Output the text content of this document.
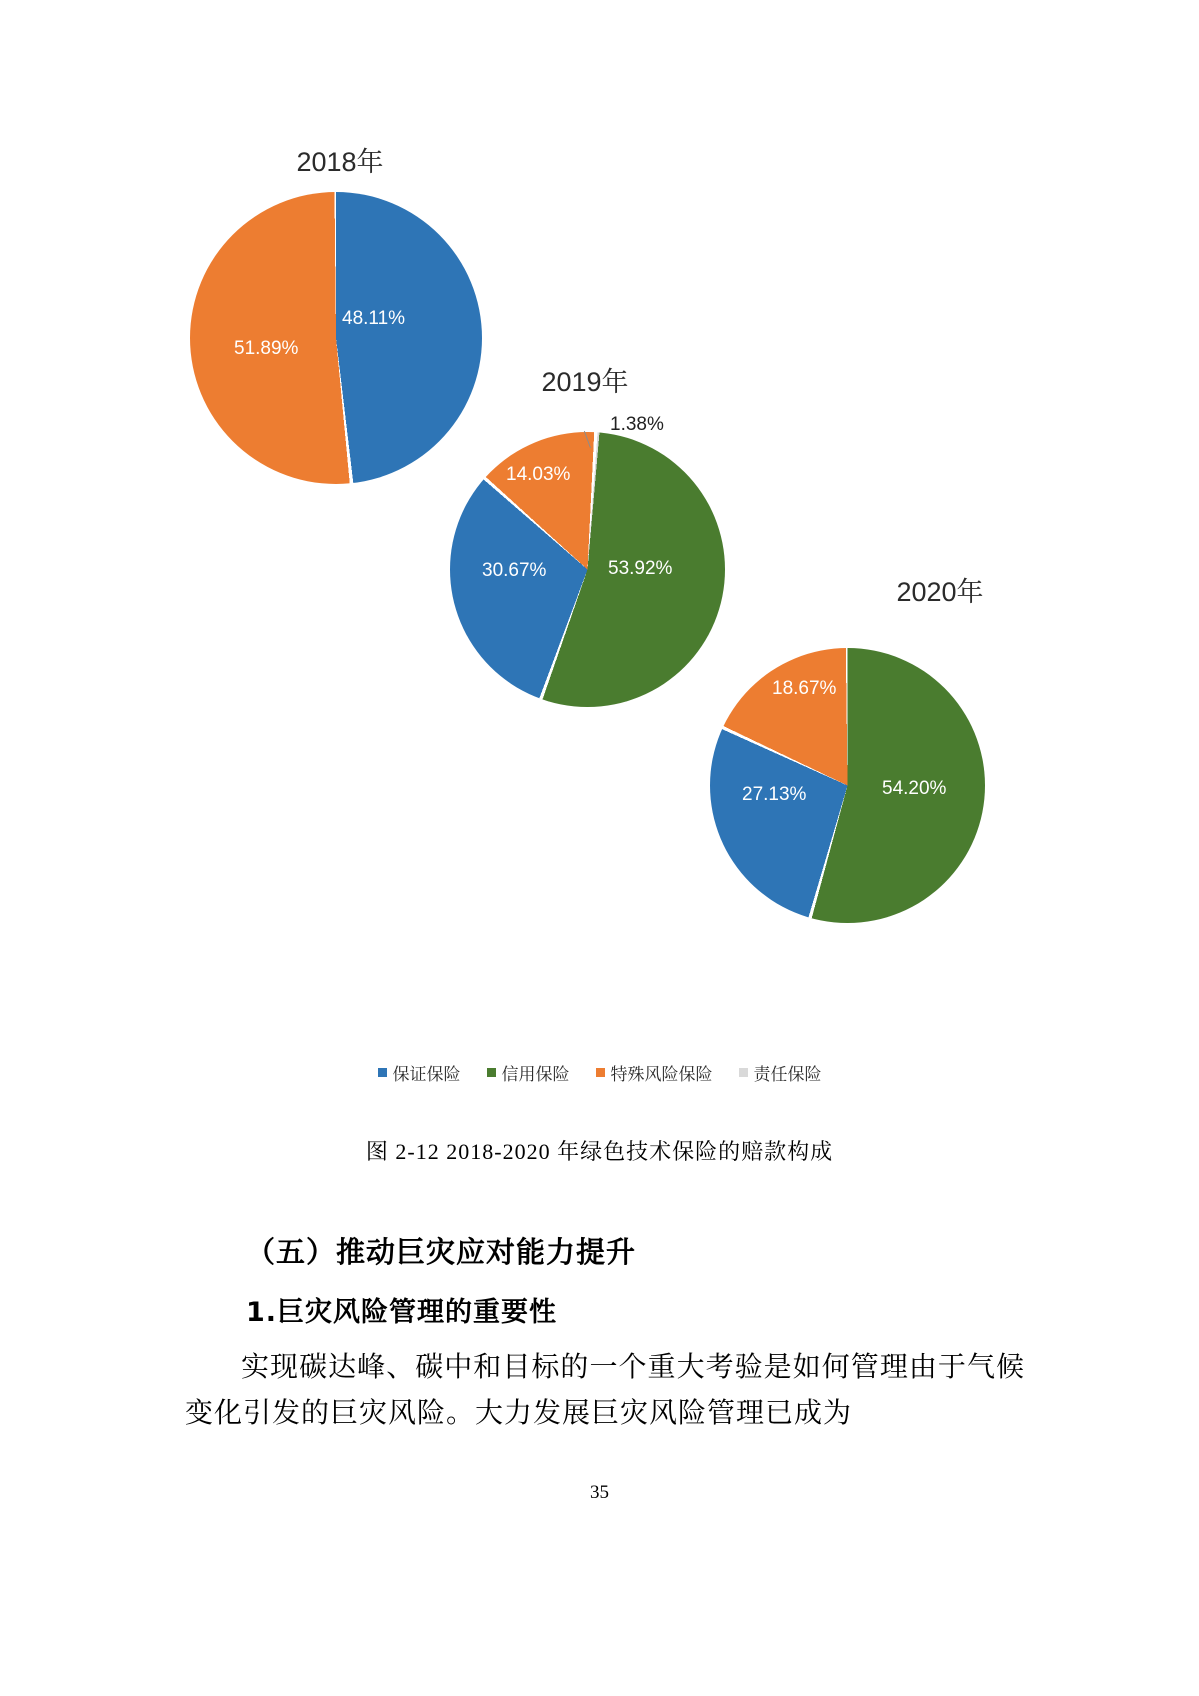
2018年
48.11%
51.89%
2019年
53.92%
30.67%
14.03%
1.38%
2020年
54.20%
27.13%
18.67%
保证保险 信用保险 特殊风险保险 责任保险
图 2-12 2018-2020 年绿色技术保险的赔款构成
（五）推动巨灾应对能力提升
1.巨灾风险管理的重要性
实现碳达峰、碳中和目标的一个重大考验是如何管理由于气候变化引发的巨灾风险。大力发展巨灾风险管理已成为
35
